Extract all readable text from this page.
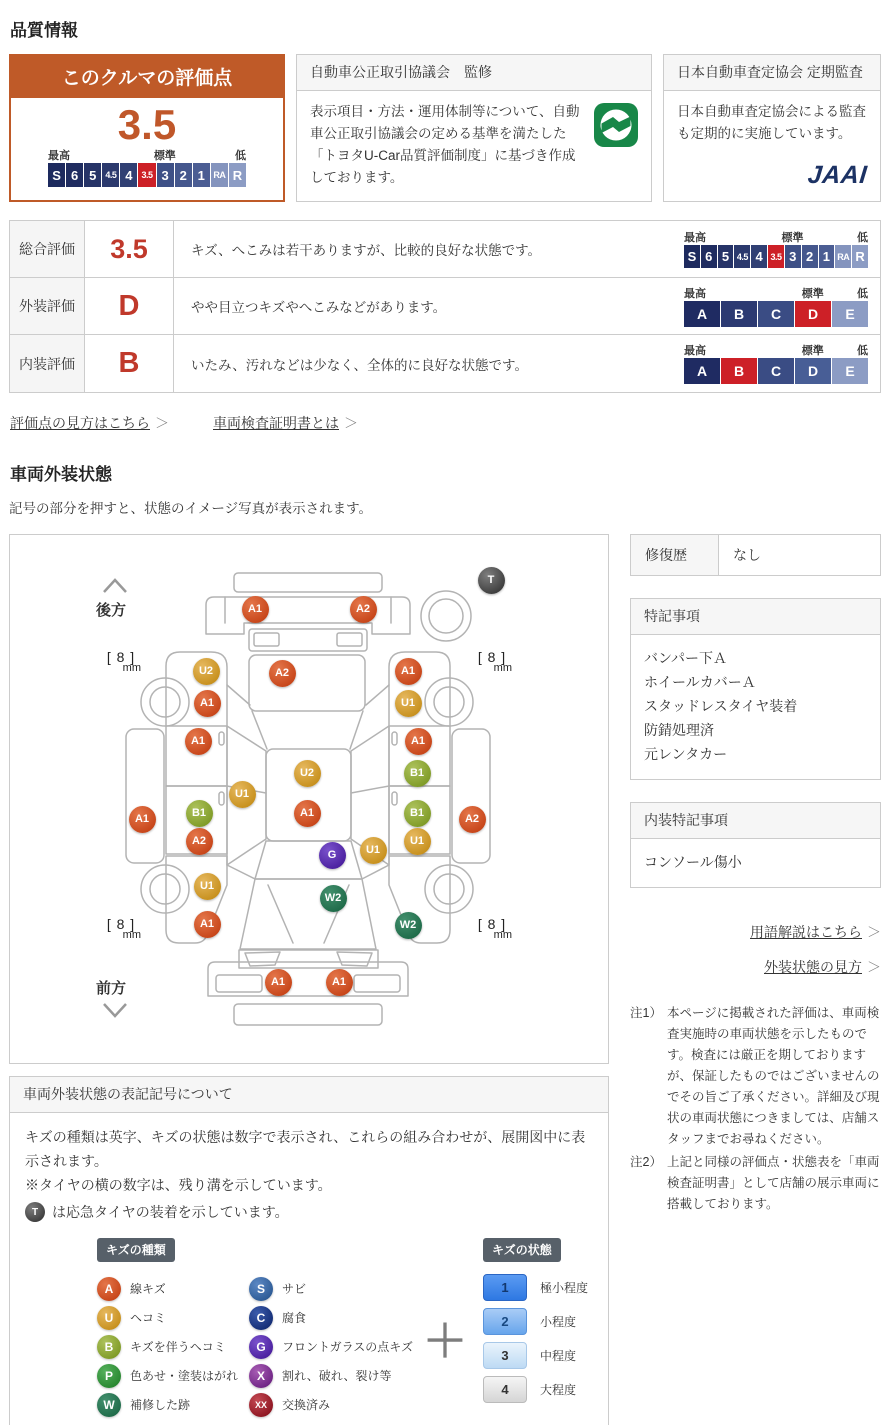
品質情報
このクルマの評価点
3.5
最高	標準	低
S 6 5 4.5 4 3.5 3 2 1 RA R
自動車公正取引協議会　監修
表示項目・方法・運用体制等について、自動車公正取引協議会の定める基準を満たした「トヨタU-Car品質評価制度」に基づき作成しております。
日本自動車査定協会 定期監査
日本自動車査定協会による監査も定期的に実施しています。
JAAI
総合評価	3.5	キズ、へこみは若干ありますが、比較的良好な状態です。
最高	標準	低
S 6 5 4.5 4 3.5 3 2 1 RA R
外装評価	D	やや目立つキズやへこみなどがあります。
最高	標準	低
A	B	C	D	E
内装評価	B	いたみ、汚れなどは少なく、全体的に良好な状態です。
最高	標準	低
A	B	C	D	E
評価点の見方はこちら ＞	車両検査証明書とは ＞
車両外装状態
記号の部分を押すと、状態のイメージ写真が表示されます。
後方
前方
[ 8 ]
mm
[ 8 ]
mm
[ 8 ]
mm
[ 8 ]
mm
T
A1	A2
U2	A2	A1
A1	U1
A1	A1
U2	B1
U1
A1	B1	A1	B1	A2
A2	U1
U1
G
U1
W2
A1	W2
A1	A1
車両外装状態の表記記号について

キズの種類は英字、キズの状態は数字で表示され、これらの組み合わせが、展開図中に表示されます。

※タイヤの横の数字は、残り溝を示しています。

T は応急タイヤの装着を示しています。
キズの種類
A	線キズ
U	ヘコミ
B	キズを伴うヘコミ
P	色あせ・塗装はがれ
W	補修した跡
S	サビ
C	腐食
G	フロントガラスの点キズ
X	割れ、破れ、裂け等
XX	交換済み
＋
キズの状態
1	極小程度
2	小程度
3	中程度
4	大程度
修復歴	なし
特記事項
バンパー下Ａ
ホイールカバーＡ
スタッドレスタイヤ装着
防錆処理済
元レンタカー
内装特記事項
コンソール傷小
用語解説はこちら ＞
外装状態の見方 ＞
注1） 本ページに掲載された評価は、車両検査実施時の車両状態を示したものです。検査には厳正を期しておりますが、保証したものではございませんのでその旨ご了承ください。詳細及び現状の車両状態につきましては、店舗スタッフまでお尋ねください。
注2） 上記と同様の評価点・状態表を「車両検査証明書」として店舗の展示車両に搭載しております。
